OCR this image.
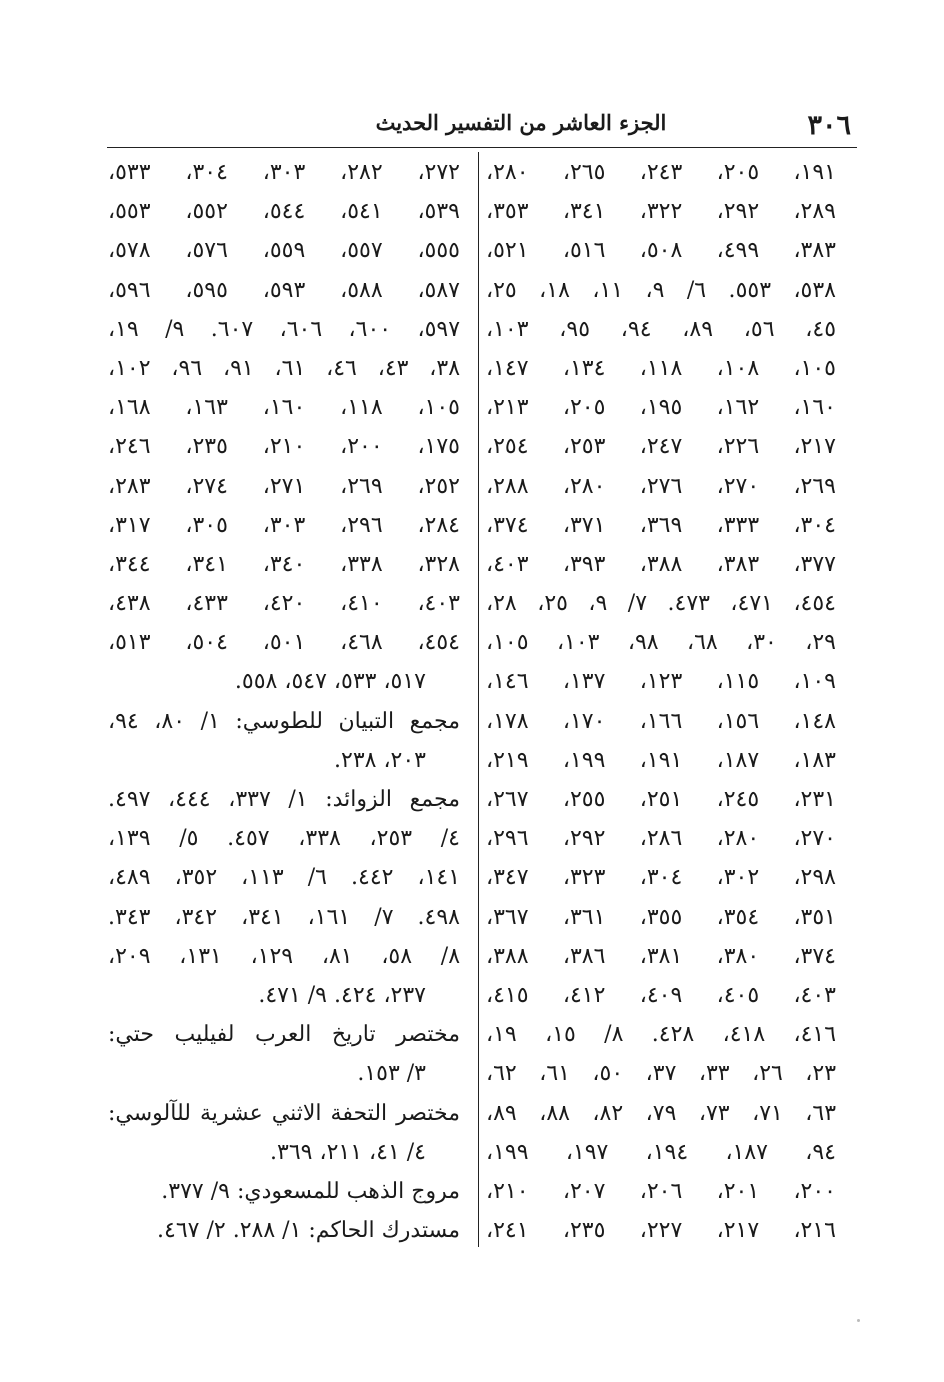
٣٠٦
الجزء العاشر من التفسير الحديث
١٩١، ٢٠٥، ٢٤٣، ٢٦٥، ٢٨٠،
٢٨٩، ٢٩٢، ٣٢٢، ٣٤١، ٣٥٣،
٣٨٣، ٤٩٩، ٥٠٨، ٥١٦، ٥٢١،
٥٣٨، ٥٥٣. ٦/ ٩، ١١، ١٨، ٢٥،
٤٥، ٥٦، ٨٩، ٩٤، ٩٥، ١٠٣،
١٠٥، ١٠٨، ١١٨، ١٣٤، ١٤٧،
١٦٠، ١٦٢، ١٩٥، ٢٠٥، ٢١٣،
٢١٧، ٢٢٦، ٢٤٧، ٢٥٣، ٢٥٤،
٢٦٩، ٢٧٠، ٢٧٦، ٢٨٠، ٢٨٨،
٣٠٤، ٣٣٣، ٣٦٩، ٣٧١، ٣٧٤،
٣٧٧، ٣٨٣، ٣٨٨، ٣٩٣، ٤٠٣،
٤٥٤، ٤٧١، ٤٧٣. ٧/ ٩، ٢٥، ٢٨،
٢٩، ٣٠، ٦٨، ٩٨، ١٠٣، ١٠٥،
١٠٩، ١١٥، ١٢٣، ١٣٧، ١٤٦،
١٤٨، ١٥٦، ١٦٦، ١٧٠، ١٧٨،
١٨٣، ١٨٧، ١٩١، ١٩٩، ٢١٩،
٢٣١، ٢٤٥، ٢٥١، ٢٥٥، ٢٦٧،
٢٧٠، ٢٨٠، ٢٨٦، ٢٩٢، ٢٩٦،
٢٩٨، ٣٠٢، ٣٠٤، ٣٢٣، ٣٤٧،
٣٥١، ٣٥٤، ٣٥٥، ٣٦١، ٣٦٧،
٣٧٤، ٣٨٠، ٣٨١، ٣٨٦، ٣٨٨،
٤٠٣، ٤٠٥، ٤٠٩، ٤١٢، ٤١٥،
٤١٦، ٤١٨، ٤٢٨. ٨/ ١٥، ١٩،
٢٣، ٢٦، ٣٣، ٣٧، ٥٠، ٦١، ٦٢،
٦٣، ٧١، ٧٣، ٧٩، ٨٢، ٨٨، ٨٩،
٩٤، ١٨٧، ١٩٤، ١٩٧، ١٩٩،
٢٠٠، ٢٠١، ٢٠٦، ٢٠٧، ٢١٠،
٢١٦، ٢١٧، ٢٢٧، ٢٣٥، ٢٤١،
٢٧٢، ٢٨٢، ٣٠٣، ٣٠٤، ٥٣٣،
٥٣٩، ٥٤١، ٥٤٤، ٥٥٢، ٥٥٣،
٥٥٥، ٥٥٧، ٥٥٩، ٥٧٦، ٥٧٨،
٥٨٧، ٥٨٨، ٥٩٣، ٥٩٥، ٥٩٦،
٥٩٧، ٦٠٠، ٦٠٦، ٦٠٧. ٩/ ١٩،
٣٨، ٤٣، ٤٦، ٦١، ٩١، ٩٦، ١٠٢،
١٠٥، ١١٨، ١٦٠، ١٦٣، ١٦٨،
١٧٥، ٢٠٠، ٢١٠، ٢٣٥، ٢٤٦،
٢٥٢، ٢٦٩، ٢٧١، ٢٧٤، ٢٨٣،
٢٨٤، ٢٩٦، ٣٠٣، ٣٠٥، ٣١٧،
٣٢٨، ٣٣٨، ٣٤٠، ٣٤١، ٣٤٤،
٤٠٣، ٤١٠، ٤٢٠، ٤٣٣، ٤٣٨،
٤٥٤، ٤٦٨، ٥٠١، ٥٠٤، ٥١٣،
٥١٧، ٥٣٣، ٥٤٧، ٥٥٨.
مجمع التبيان للطوسي: ١/ ٨٠، ٩٤،
٢٠٣، ٢٣٨.
مجمع الزوائد: ١/ ٣٣٧، ٤٤٤، ٤٩٧.
٤/ ٢٥٣، ٣٣٨، ٤٥٧. ٥/ ١٣٩،
١٤١، ٤٤٢. ٦/ ١١٣، ٣٥٢، ٤٨٩،
٤٩٨. ٧/ ١٦١، ٣٤١، ٣٤٢، ٣٤٣.
٨/ ٥٨، ٨١، ١٢٩، ١٣١، ٢٠٩،
٢٣٧، ٤٢٤. ٩/ ٤٧١.
مختصر تاريخ العرب لفيليب حتي:
٣/ ١٥٣.
مختصر التحفة الاثني عشرية للآلوسي:
٤/ ٤١، ٢١١، ٣٦٩.
مروج الذهب للمسعودي: ٩/ ٣٧٧.
مستدرك الحاكم: ١/ ٢٨٨. ٢/ ٤٦٧.
